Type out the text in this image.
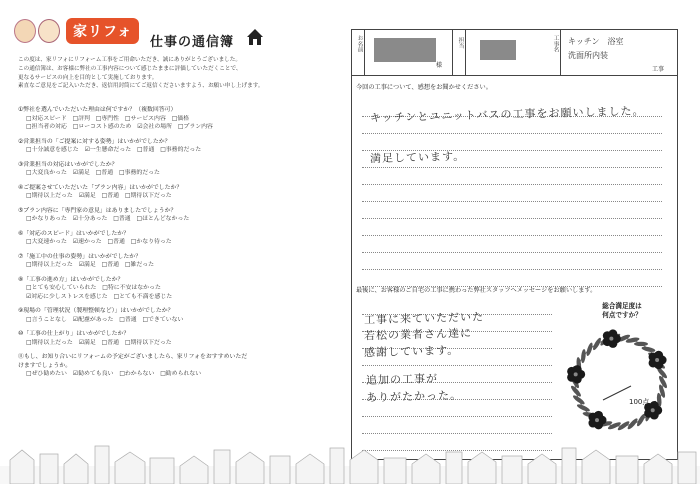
家リフォ
仕事の通信簿
この度は、家リフォにリフォーム工事をご用命いただき、誠にありがとうございました。
この通信簿は、お客様に弊社の工事内容について感じたままに評価していただくことで、
更なるサービスの向上を目的として実施しております。
素直なご意見をご記入いただき、返信用封筒にてご返信くださいますよう、お願い申し上げます。
①弊社を選んでいただいた理由は何ですか？（複数回答可）
□対応スピード　□評判　□専門性　□サービス内容　□価格
□担当者の対応　□ローコスト感のため　☑会社の場所　□プラン内容
②営業担当の「ご提案に対する姿勢」はいかがでしたか？
□十分誠意を感じた　☑一生懸命だった　□普通　□事務的だった
③営業担当の対応はいかがでしたか？
□大変良かった　☑満足　□普通　□事務的だった
④ご提案させていただいた「プラン内容」はいかがでしたか？
□期待以上だった　☑満足　□普通　□期待以下だった
⑤プラン内容に「専門家の意見」はありましたでしょうか？
□かなりあった　☑十分あった　□普通　□ほとんどなかった
⑥「対応のスピード」はいかがでしたか？
□大変速かった　☑速かった　□普通　□かなり待った
⑦「施工中の仕事の姿勢」はいかがでしたか？
□期待以上だった　☑満足　□普通　□雑だった
⑧「工事の進め方」はいかがでしたか？
□とても安心していられた　□特に不安はなかった
☑対応に少しストレスを感じた　□とても不満を感じた
⑨現場の「管理状況（製理整頓など）」はいかがでしたか？
□言うことなし　☑配慮があった　□普通　□できていない
⑩「工事の仕上がり」はいかがでしたか？
□期待以上だった　☑満足　□普通　□期待以下だった
⑪もし、お知り合いにリフォームの予定がございましたら、家リフォをおすすめいただ
けますでしょうか。
□ぜひ勧めたい　☑勧めても良い　□わからない　□勧められない
お名前
様
担当	工事名 キッチン　浴室
洗面所内装
工事
今回の工事について、感想をお聞かせください。
キッチンとユニットバスの工事をお願いしました。
満足しています。
最後に、お客様のご自宅の工事に携わった弊社スタッフへメッセージをお願いします。
工事に来ていただいた
若松の業者さん達に
感謝しています。
追加の工事が
ありがたかった。
総合満足度は
何点ですか？
100点
